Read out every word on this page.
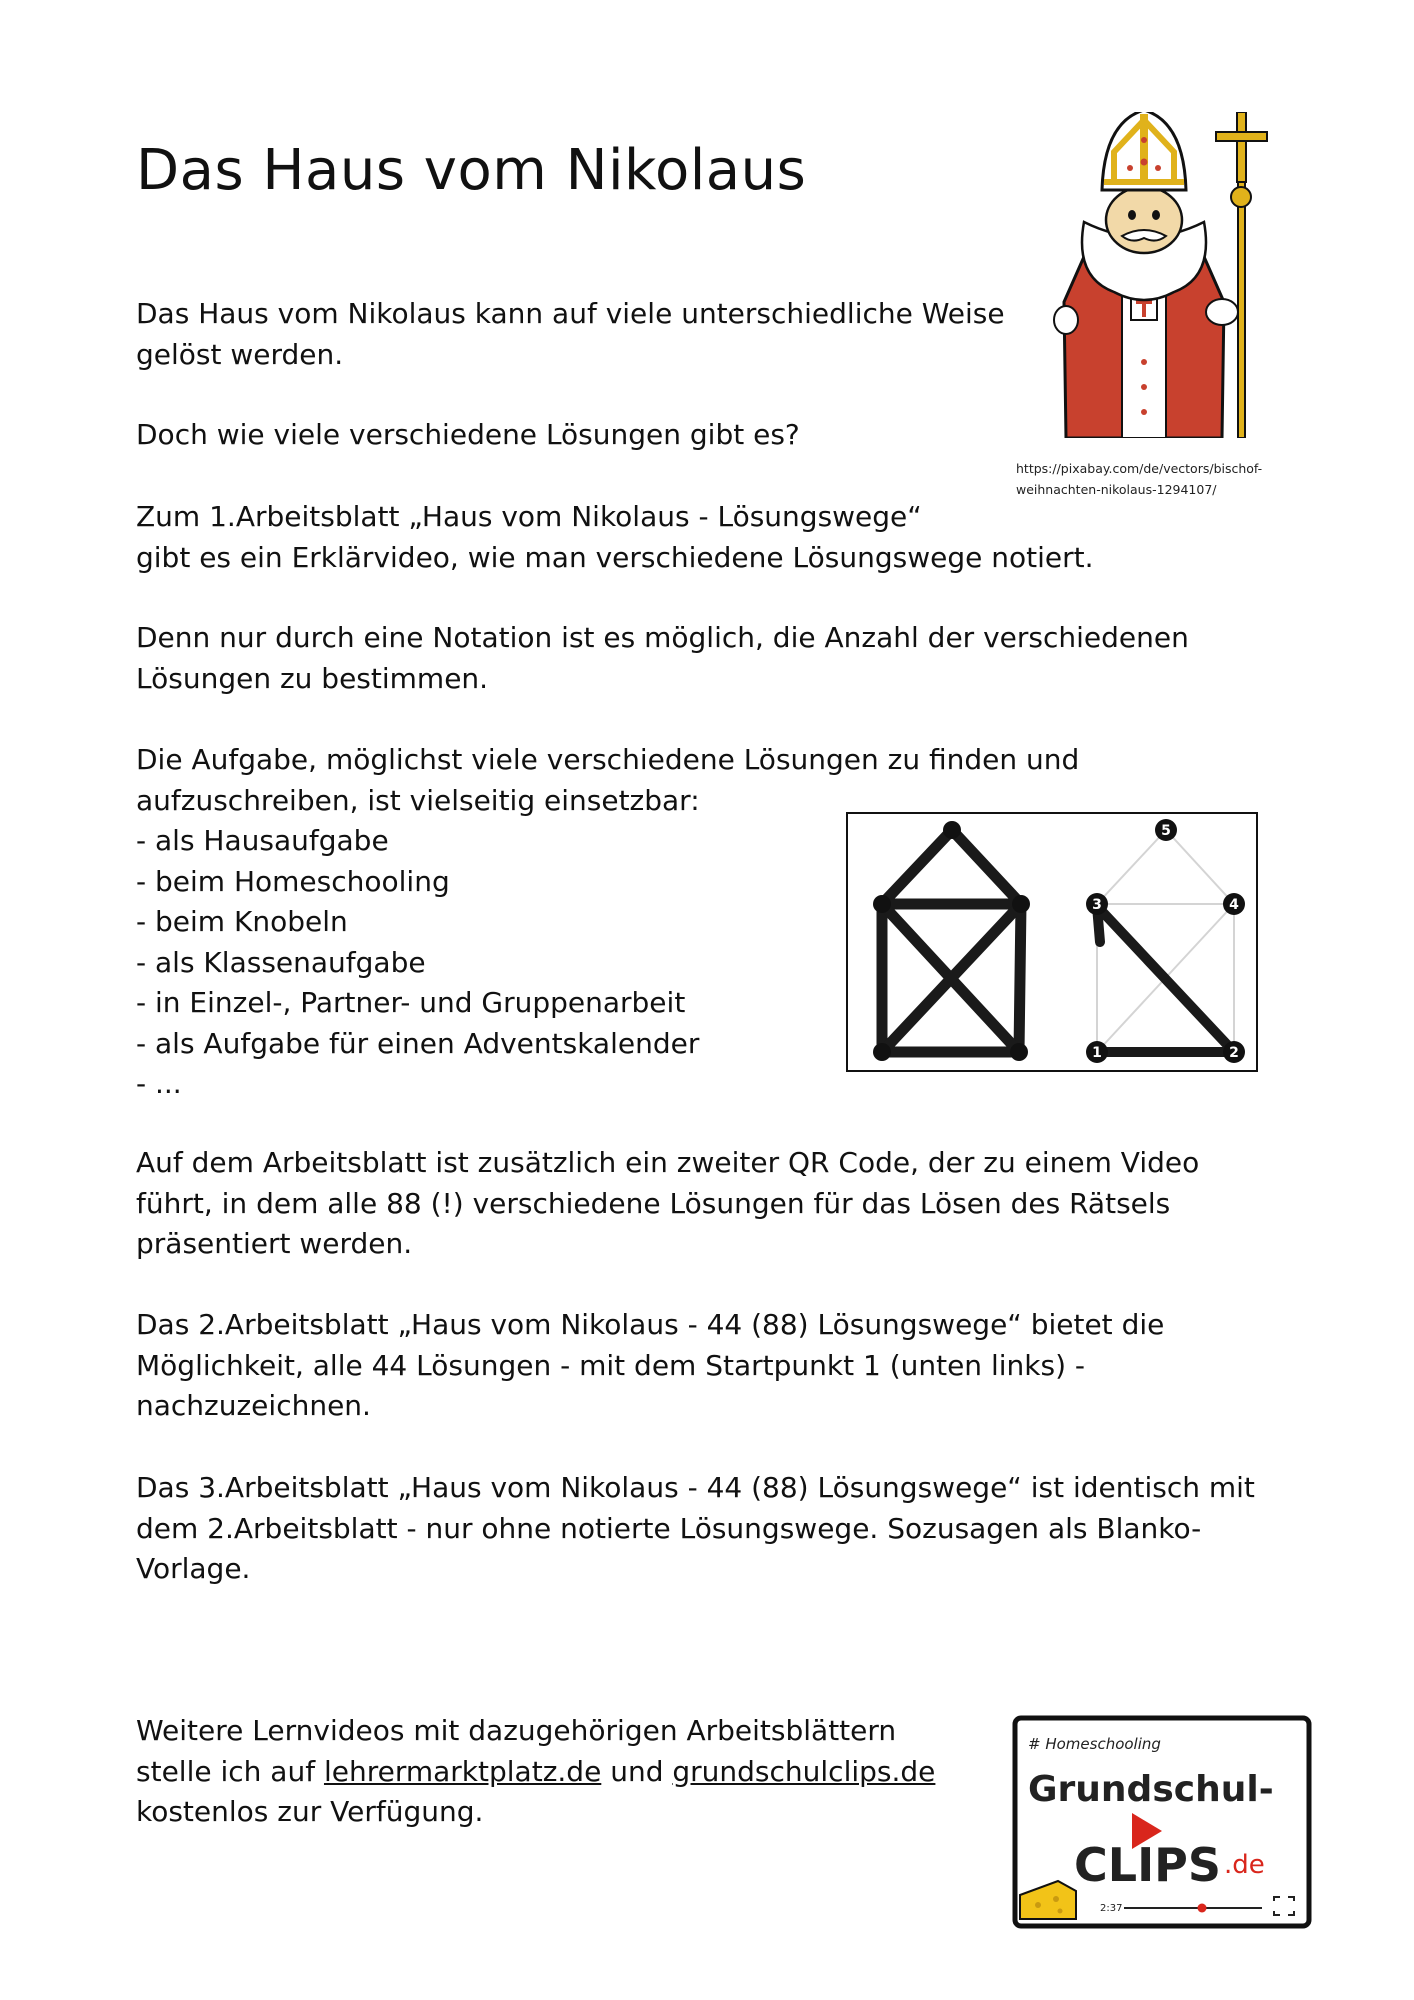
Das Haus vom Nikolaus
Das Haus vom Nikolaus kann auf viele unterschiedliche Weise
gelöst werden.
Doch wie viele verschiedene Lösungen gibt es?
https://pixabay.com/de/vectors/bischof-
weihnachten-nikolaus-1294107/
Zum 1.Arbeitsblatt „Haus vom Nikolaus - Lösungswege“
gibt es ein Erklärvideo, wie man verschiedene Lösungswege notiert.
Denn nur durch eine Notation ist es möglich, die Anzahl der verschiedenen
Lösungen zu bestimmen.
Die Aufgabe, möglichst viele verschiedene Lösungen zu finden und
aufzuschreiben, ist vielseitig einsetzbar:
- als Hausaufgabe
- beim Homeschooling
- beim Knobeln
- als Klassenaufgabe
- in Einzel-, Partner- und Gruppenarbeit
- als Aufgabe für einen Adventskalender
- ...
5
3	4
1	2
Auf dem Arbeitsblatt ist zusätzlich ein zweiter QR Code, der zu einem Video
führt, in dem alle 88 (!) verschiedene Lösungen für das Lösen des Rätsels
präsentiert werden.
Das 2.Arbeitsblatt „Haus vom Nikolaus - 44 (88) Lösungswege“ bietet die
Möglichkeit, alle 44 Lösungen - mit dem Startpunkt 1 (unten links) -
nachzuzeichnen.
Das 3.Arbeitsblatt „Haus vom Nikolaus - 44 (88) Lösungswege“ ist identisch mit
dem 2.Arbeitsblatt - nur ohne notierte Lösungswege. Sozusagen als Blanko-
Vorlage.
Weitere Lernvideos mit dazugehörigen Arbeitsblättern
stelle ich auf lehrermarktplatz.de und grundschulclips.de
kostenlos zur Verfügung.
# Homeschooling
Grundschul-
CLIPS .de
2:37
